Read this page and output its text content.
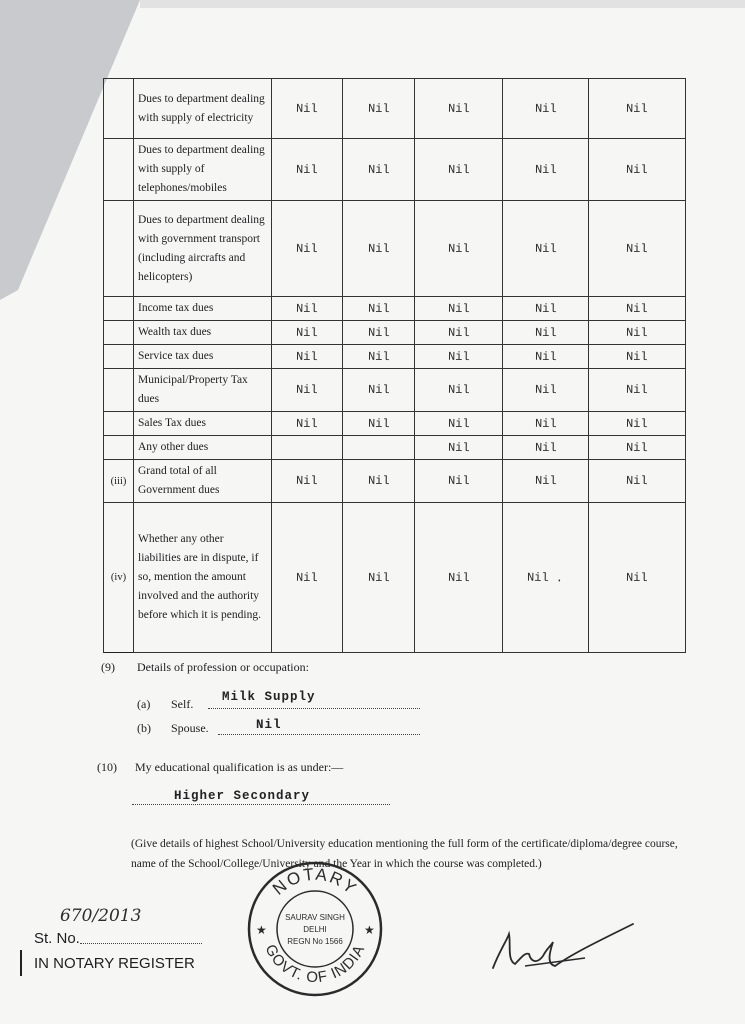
	Dues to department dealing with supply of electricity	Nil	Nil	Nil	Nil	Nil
	Dues to department dealing with supply of telephones/mobiles	Nil	Nil	Nil	Nil	Nil
	Dues to department dealing with government transport (including aircrafts and helicopters)	Nil	Nil	Nil	Nil	Nil
	Income tax dues	Nil	Nil	Nil	Nil	Nil
	Wealth tax dues	Nil	Nil	Nil	Nil	Nil
	Service tax dues	Nil	Nil	Nil	Nil	Nil
	Municipal/Property Tax dues	Nil	Nil	Nil	Nil	Nil
	Sales Tax dues	Nil	Nil	Nil	Nil	Nil
	Any other dues			Nil	Nil	Nil
(iii)	Grand total of all Government dues	Nil	Nil	Nil	Nil	Nil
(iv)	Whether any other liabilities are in dispute, if so, mention the amount involved and the authority before which it is pending.	Nil	Nil	Nil	Nil .	Nil
(9) Details of profession or occupation:
(a) Self. Milk Supply
(b) Spouse.	Nil
(10) My educational qualification is as under:—
Higher Secondary
(Give details of highest School/University education mentioning the full form of the certificate/diploma/degree course, name of the School/College/University and the Year in which the course was completed.)
670/2013
St. No.
IN NOTARY REGISTER
NOTARY
GOVT. OF INDIA
★	★
SAURAV SINGH
DELHI
REGN No 1566
